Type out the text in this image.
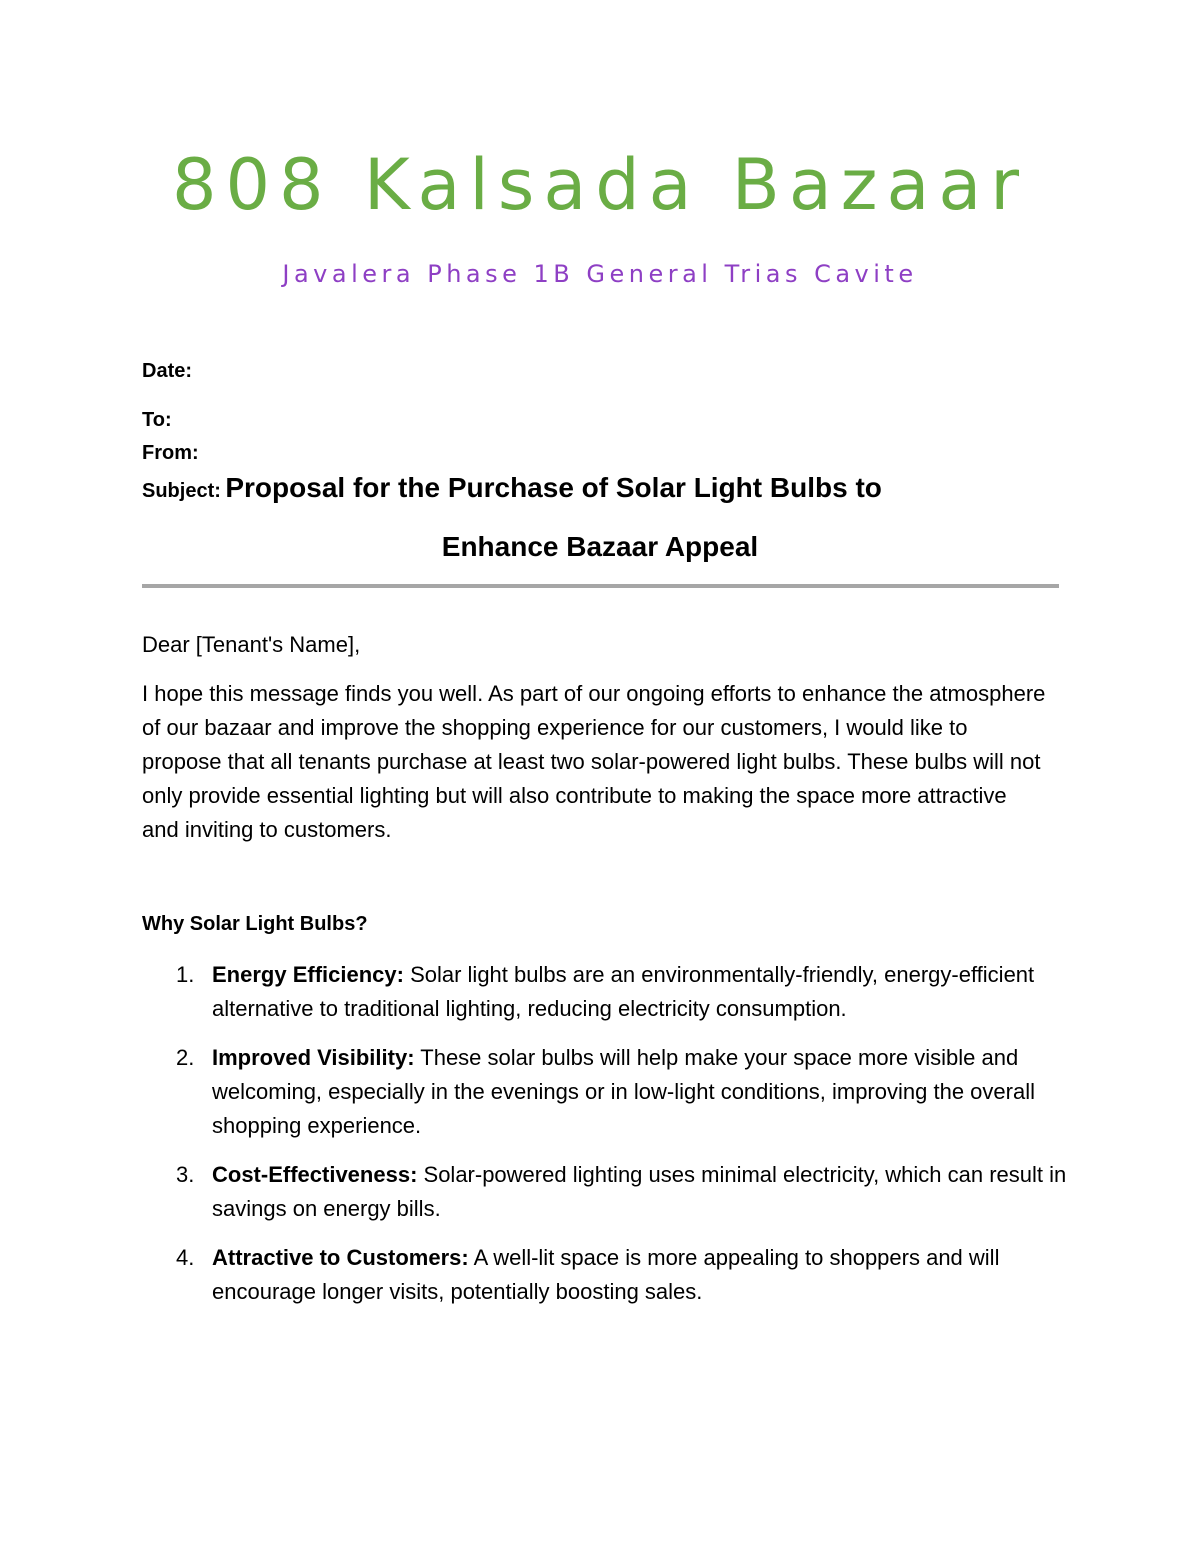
808 Kalsada Bazaar
Javalera Phase 1B General Trias Cavite
Date:
To:
From:
Subject: Proposal for the Purchase of Solar Light Bulbs to
Enhance Bazaar Appeal
Dear [Tenant's Name],
I hope this message finds you well. As part of our ongoing efforts to enhance the atmosphere of our bazaar and improve the shopping experience for our customers, I would like to propose that all tenants purchase at least two solar-powered light bulbs. These bulbs will not only provide essential lighting but will also contribute to making the space more attractive and inviting to customers.
Why Solar Light Bulbs?
1. Energy Efficiency: Solar light bulbs are an environmentally-friendly, energy-efficient alternative to traditional lighting, reducing electricity consumption.
2. Improved Visibility: These solar bulbs will help make your space more visible and welcoming, especially in the evenings or in low-light conditions, improving the overall shopping experience.
3. Cost-Effectiveness: Solar-powered lighting uses minimal electricity, which can result in savings on energy bills.
4. Attractive to Customers: A well-lit space is more appealing to shoppers and will encourage longer visits, potentially boosting sales.
